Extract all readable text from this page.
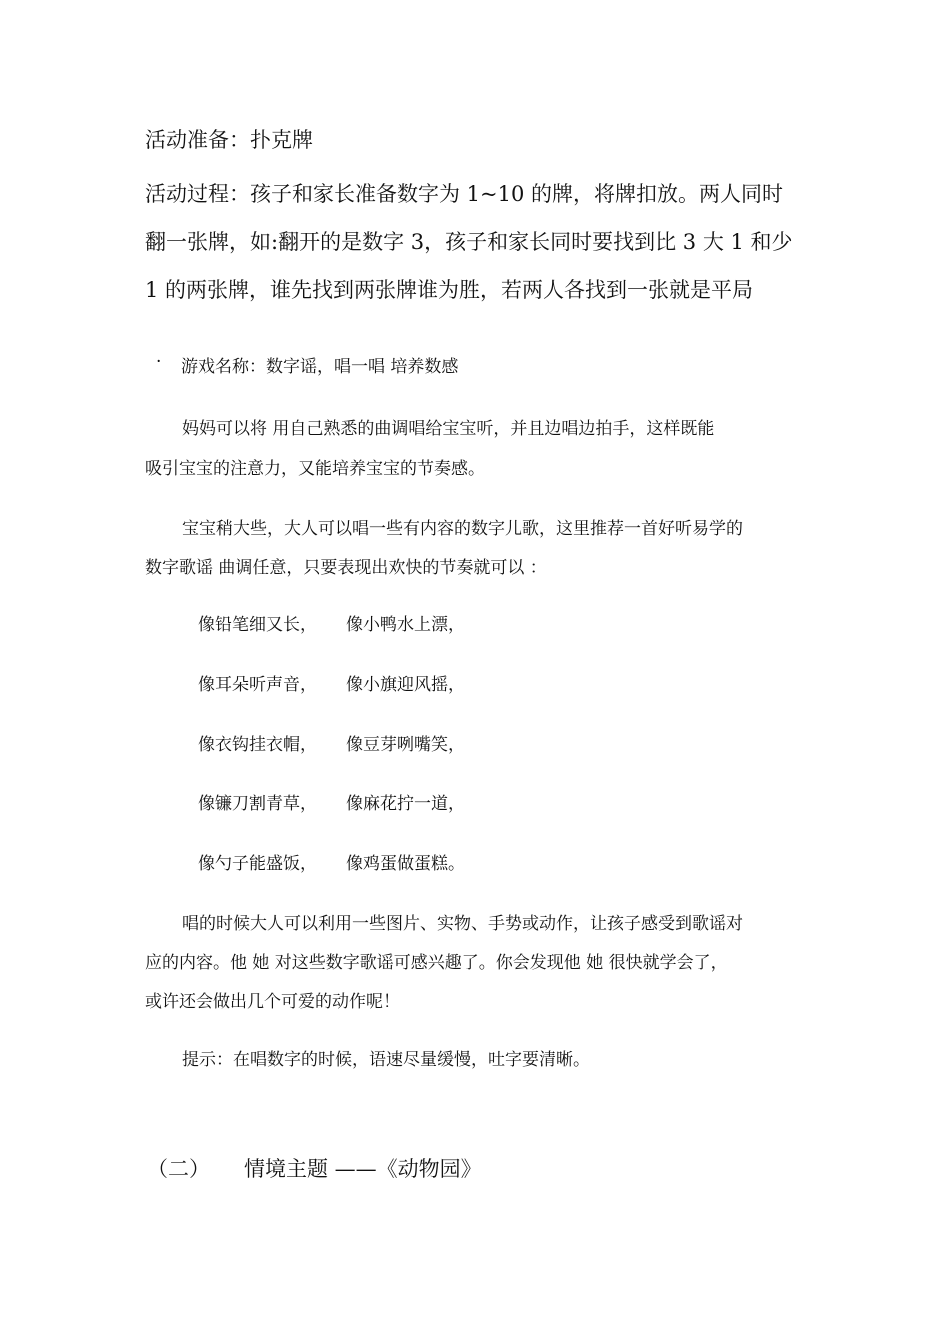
活动准备：扑克牌
活动过程：孩子和家长准备数字为 1~10 的牌，将牌扣放。两人同时
翻一张牌，如:翻开的是数字 3，孩子和家长同时要找到比 3 大 1 和少
1 的两张牌，谁先找到两张牌谁为胜，若两人各找到一张就是平局
· 游戏名称：数字谣，唱一唱 培养数感
妈妈可以将 用自己熟悉的曲调唱给宝宝听，并且边唱边拍手，这样既能
吸引宝宝的注意力，又能培养宝宝的节奏感。
宝宝稍大些，大人可以唱一些有内容的数字儿歌，这里推荐一首好听易学的
数字歌谣 曲调任意，只要表现出欢快的节奏就可以 ：
像铅笔细又长， 像小鸭水上漂，
像耳朵听声音， 像小旗迎风摇，
像衣钩挂衣帽， 像豆芽咧嘴笑，
像镰刀割青草， 像麻花拧一道，
像勺子能盛饭， 像鸡蛋做蛋糕。
唱的时候大人可以利用一些图片、实物、手势或动作，让孩子感受到歌谣对
应的内容。他 她 对这些数字歌谣可感兴趣了。你会发现他 她 很快就学会了，
或许还会做出几个可爱的动作呢！
提示：在唱数字的时候，语速尽量缓慢，吐字要清晰。
（二） 情境主题 ——《动物园》
